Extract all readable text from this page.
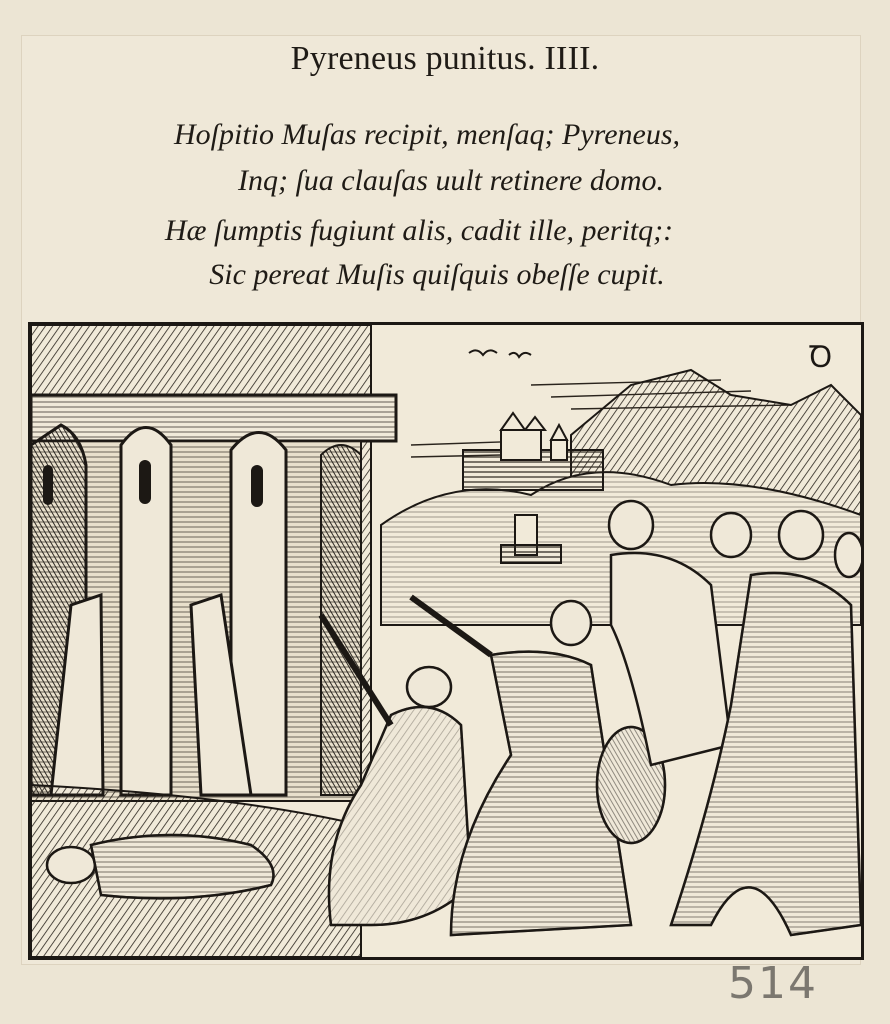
Pyreneus punitus. IIII.
Hoſpitio Muſas recipit, menſaq; Pyreneus,
Inq; ſua clauſas uult retinere domo.
Hæ ſumptis fugiunt alis, cadit ille, peritq;:
Sic pereat Muſis quiſquis obeſſe cupit.
Ꝺ
514
